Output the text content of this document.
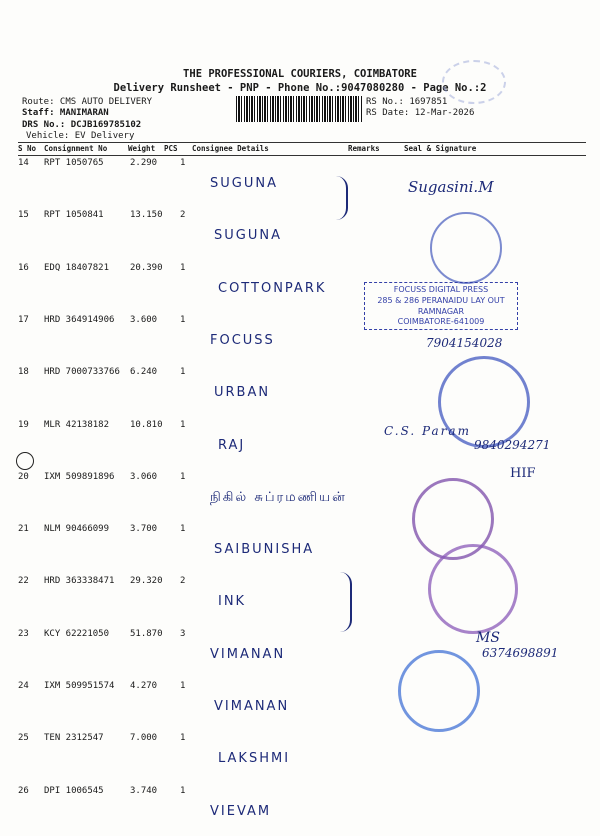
THE PROFESSIONAL COURIERS, COIMBATORE
Delivery Runsheet - PNP - Phone No.:9047080280 - Page No.:2
Route: CMS AUTO DELIVERY
Staff: MANIMARAN
DRS No.: DCJB169785102
Vehicle: EV Delivery
RS No.: 1697851
RS Date: 12-Mar-2026
S No Consignment No	Weight PCS Consignee Details	Remarks	Seal & Signature
14 RPT 1050765	2.290	1
SUGUNA
15 RPT 1050841	13.150 2
SUGUNA
16 EDQ 18407821 20.390 1
COTTONPARK
17 HRD 364914906 3.600	1
FOCUSS
18 HRD 7000733766 6.240	1
URBAN
19 MLR 42138182 10.810 1
RAJ
20 IXM 509891896 3.060	1
நிகில் சுப்ரமணியன்
21 NLM 90466099 3.700	1
SAIBUNISHA
22 HRD 363338471 29.320 2
INK
23 KCY 62221050 51.870 3
VIMANAN
24 IXM 509951574 4.270	1
VIMANAN
25 TEN 2312547	7.000	1
LAKSHMI
26 DPI 1006545	3.740	1
VIEVAM
FOCUSS DIGITAL PRESS
285 & 286 PERANAIDU LAY OUT
RAMNAGAR
COIMBATORE-641009
Sugasini.M
7904154028
C.S. Param
9840294271
HIF
MS
6374698891
